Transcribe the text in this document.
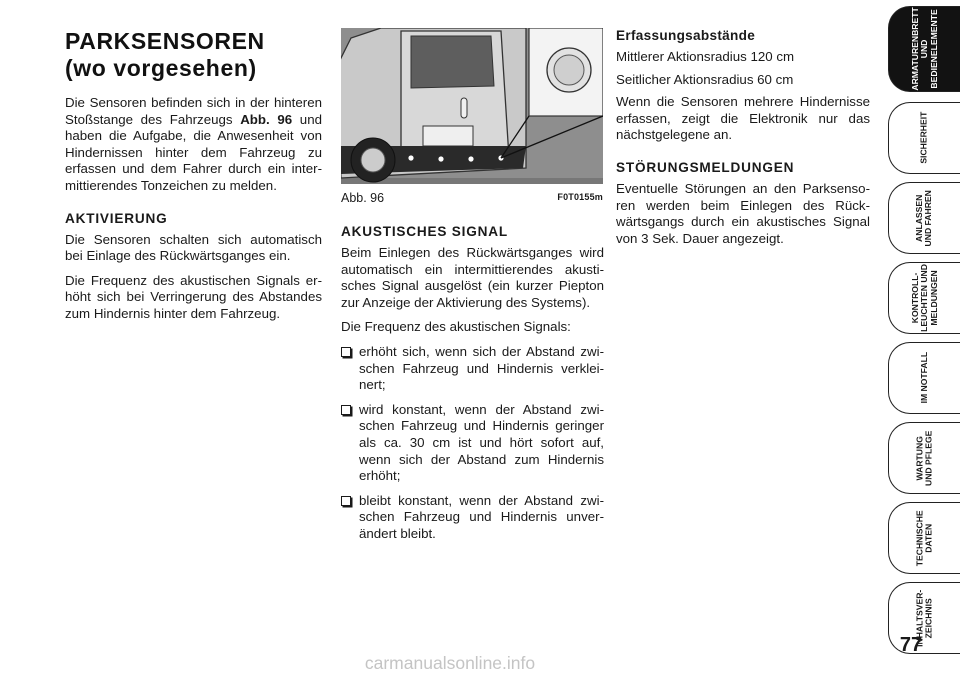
PARKSENSOREN
(wo vorgesehen)

Die Sensoren befinden sich in der hinteren Stoßstange des Fahrzeugs Abb. 96 und haben die Aufgabe, die Anwesenheit von Hindernissen hinter dem Fahrzeug zu erfassen und dem Fahrer durch ein intermittierendes Tonzeichen zu melden.

AKTIVIERUNG

Die Sensoren schalten sich automatisch bei Einlage des Rückwärtsganges ein.

Die Frequenz des akustischen Signals erhöht sich bei Verringerung des Abstandes zum Hindernis hinter dem Fahrzeug.

Abb. 96	F0T0155m
AKUSTISCHES SIGNAL

Beim Einlegen des Rückwärtsganges wird automatisch ein intermittierendes akustisches Signal ausgelöst (ein kurzer Piepton zur Anzeige der Aktivierung des Systems).

Die Frequenz des akustischen Signals:

erhöht sich, wenn sich der Abstand zwischen Fahrzeug und Hindernis verkleinert;
wird konstant, wenn der Abstand zwischen Fahrzeug und Hindernis geringer als ca. 30 cm ist und hört sofort auf, wenn sich der Abstand zum Hindernis erhöht;
bleibt konstant, wenn der Abstand zwischen Fahrzeug und Hindernis unverändert bleibt.
Erfassungsabstände

Mittlerer Aktionsradius 120 cm

Seitlicher Aktionsradius 60 cm

Wenn die Sensoren mehrere Hindernisse erfassen, zeigt die Elektronik nur das nächstgelegene an.

STÖRUNGSMELDUNGEN

Eventuelle Störungen an den Parksensoren werden beim Einlegen des Rückwärtsgangs durch ein akustisches Signal von 3 Sek. Dauer angezeigt.

ARMATURENBRETT
UND
BEDIENELEMENTE
SICHERHEIT
ANLASSEN
UND FAHREN
KONTROLL-
LEUCHTEN UND
MELDUNGEN
IM NOTFALL
WARTUNG
UND PFLEGE
TECHNISCHE
DATEN
INHALTSVER-
ZEICHNIS
77
carmanualsonline.info
